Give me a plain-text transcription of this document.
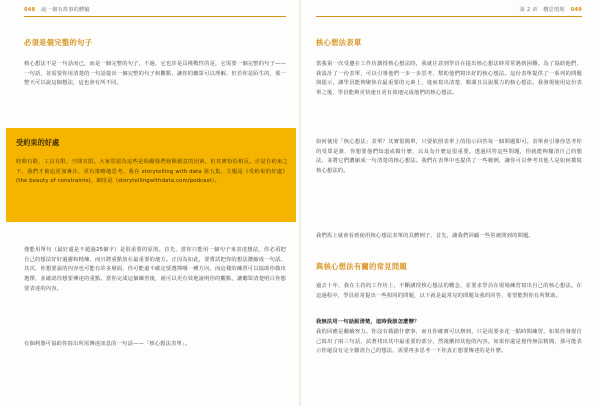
048 說一個有故事的體驗
必須是個完整的句子
核心想法不是一句話而已，而是一個完整的句子，不過，它也許是具挑戰性的是，它需要一個完整的句子——一句話，並需要你用清楚的一句話提出一個完整的句子和觀點，讓你的聽眾可以理解，但若你是陌生的，那一整天可以說這個想法，這也會有所不同。
受約束的好處
時間有限，工具有限，空間有限。大家常認為這些是阻礙我們發揮創意的因素，但其實恰恰相反。正是在約束之下，我們才被迫更加專注、更有策略地思考。我在 storytelling with data 第五集，主題是《受約束的好處》(the beauty of constraints)，網址是（storytellingwithdata.com/podcast）。
僅能用單句（最好還是不超過25個字）是很重要的原則。首先，當你只能用一個句子來表達想法，你必須把自己的想法好好過濾和精煉，而且將重點放在最重要的地方。正因為如此，要嘗試把你的想法濃縮成一句話。其次，你想要說的內容也可能有許多層面，你可能還不確定要選擇哪一種方向，而這樣的練習可以協助你做出選擇，並確認你想要傳達的重點。當你完成這個練習後，就可以更有效地說明你的觀點，讓聽眾清楚明白你想要表達的內容。
有個利器可協助你寫出所需傳達訊息的一句話——「核心想法表單」。
第 2 章 構思情境 049
核心想法表單
當我第一次受邀在工作坊講授核心想法時，我就注意到學員在提出核心想法時常常遇到困難。為了協助他們，我設計了一份表單，可以引導他們一步一步思考，幫助他們寫出好的核心想法。這份表單提供了一系列的問題與提示，讓學員能夠聚焦在最重要的元素上，進而寫出清楚、簡潔且具說服力的核心想法。我發現使用這份表單之後，學員能夠更快速且更有效地完成他們的核心想法。
如何使用「核心想法」表單？其實很簡單，只要依照表單上的指示回答每一個問題即可。表單會引導你思考你的受眾是誰、你想要他們知道或做什麼、以及為什麼這很重要。透過回答這些問題，你就能夠釐清自己的想法，並將它們濃縮成一句清楚的核心想法。我們在表單中也提供了一些範例，讓你可以參考其他人是如何撰寫核心想法的。
我們馬上就會看到使用核心想法表單的具體例子，首先，讓我們回顧一些常被問到的問題。
與核心想法有關的常見問題
過去十年，我在主持的工作坊上，不斷講授核心想法的概念，並要求學員在現場練習寫出自己的核心想法。在這過程中，學員經常提出一些相同的問題，以下就是最常見的問題及我的回答，希望能對你有所幫助。
我無法用一句話說清楚，這時我該怎麼辦？
我的回應是繼續努力。你沒有做錯什麼事，而且你確實可以辦到，只是需要多花一點時間練習。如果你發現自己寫出了兩三句話，試著找出其中最重要的部分，然後刪掉其他的內容。如果你還是覺得無法精簡，那可能表示你還沒有完全釐清自己的想法，需要再多思考一下你真正想要傳達的是什麼。
